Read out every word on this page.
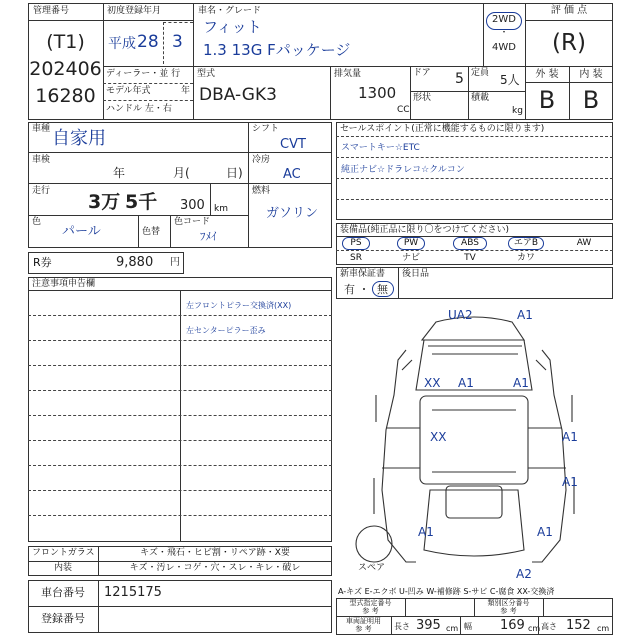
管理番号
(T1)
202406
16280
初度登録年月
平成 28 3
車名・グレード
フィット
1.3 13G Fパッケージ
2WD
・
4WD
評 価 点
(R)
外 装	内 装
B	B
ディーラー・並 行
モデル年式	年
ハンドル 左・右
型式
DBA-GK3
排気量
1300
CC
ドア 5 定員 5人
形状	積載
kg
車種 自家用
車検
年	月(	日)
走行 3万 5千 300 km
色
パール	色替
色コード
ﾌﾒｲ
シフト
CVT
冷房
AC
燃料
ガソリン
R券	9,880 円
セールスポイント(正常に機能するものに限ります)
スマートキー☆ETC
純正ナビ☆ドラレコ☆クルコン
装備品(純正品に限り〇をつけてください)
PS	PW	ABS	エアB	AW
SR	ナビ	TV	カワ
新車保証書
有 ・ 無
後日品
注意事項申告欄
左フロントピラー交換済(XX)
左センターピラー歪み
UA2	A1
XX A1	A1
XX	A1
A1
A1	A1
A2
スペア
フロントガラス	キズ・飛石・ヒビ割・リペア跡・X要
内装	キズ・汚レ・コゲ・穴・スレ・キレ・破レ
車台番号	1215175
登録番号
A-キズ E-エクボ U-凹み W-補修跡 S-サビ C-腐食 XX-交換済
型式指定番号
参 考
類別区分番号
参 考
車両証明用
参 考	長さ 395 cm 幅 169 cm 高さ 152 cm
